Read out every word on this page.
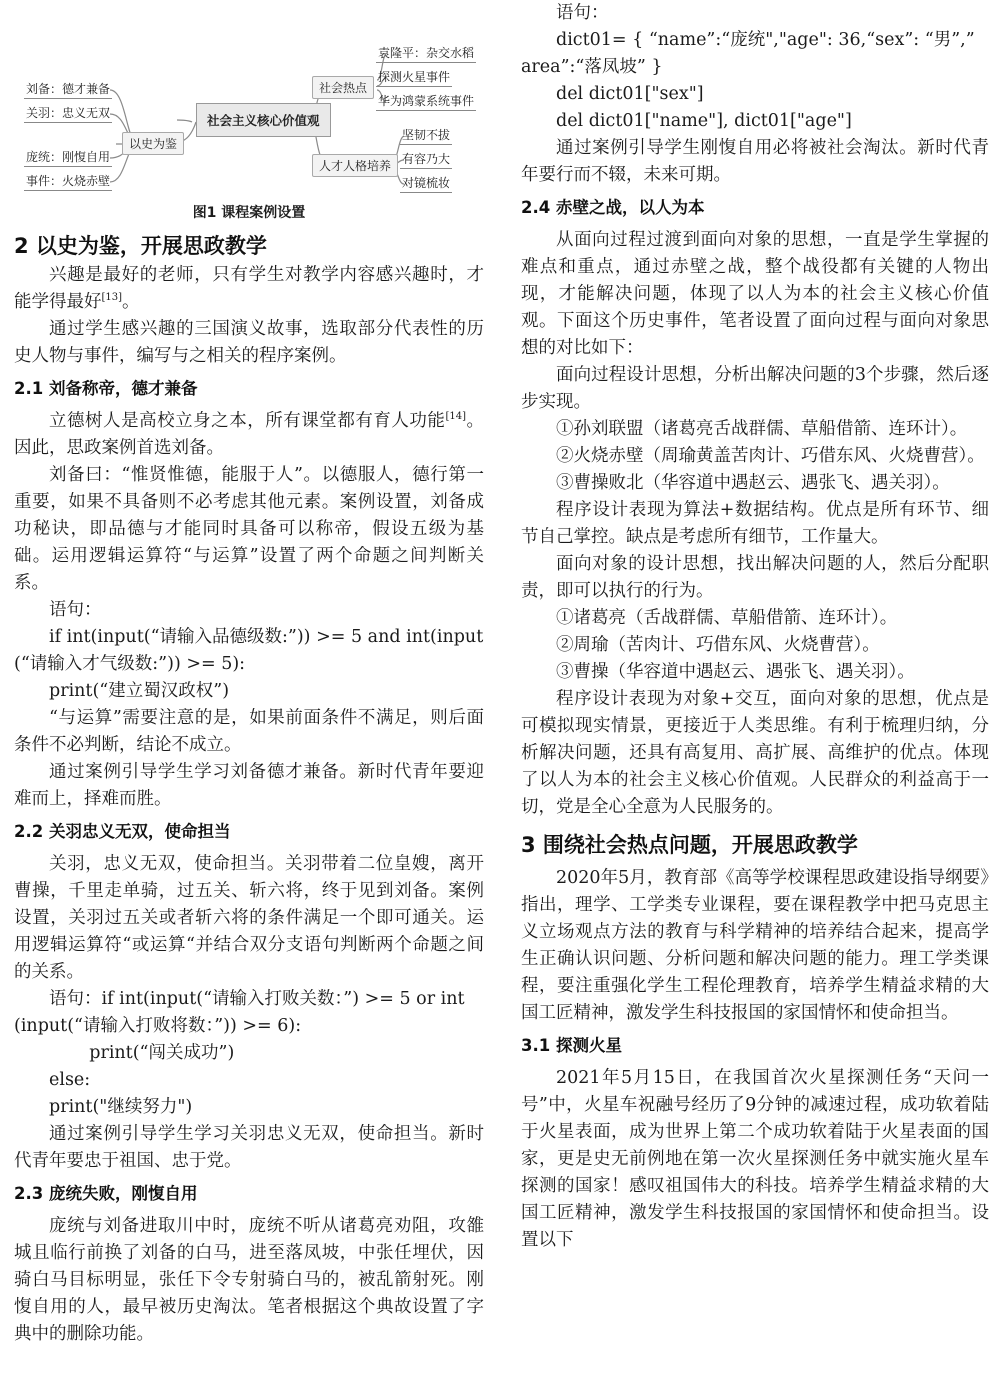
社会主义核心价值观
以史为鉴
刘备：德才兼备
关羽：忠义无双
庞统：刚愎自用
事件：火烧赤壁
社会热点
袁隆平：杂交水稻
探测火星事件
华为鸿蒙系统事件
人才人格培养
坚韧不拔
有容乃大
对镜梳妆
图1 课程案例设置
2 以史为鉴，开展思政教学

兴趣是最好的老师，只有学生对教学内容感兴趣时，才能学得最好[13]。

通过学生感兴趣的三国演义故事，选取部分代表性的历史人物与事件，编写与之相关的程序案例。

2.1 刘备称帝，德才兼备

立德树人是高校立身之本，所有课堂都有育人功能[14]。因此，思政案例首选刘备。

刘备曰：“惟贤惟德，能服于人”。以德服人，德行第一重要，如果不具备则不必考虑其他元素。案例设置，刘备成功秘诀，即品德与才能同时具备可以称帝，假设五级为基础。运用逻辑运算符“与运算”设置了两个命题之间判断关系。

语句：

if int(input(“请输入品德级数:”)) >= 5 and int(input

(“请输入才气级数:”)) >= 5):

print(“建立蜀汉政权”)

“与运算”需要注意的是，如果前面条件不满足，则后面条件不必判断，结论不成立。

通过案例引导学生学习刘备德才兼备。新时代青年要迎难而上，择难而胜。

2.2 关羽忠义无双，使命担当

关羽，忠义无双，使命担当。关羽带着二位皇嫂，离开曹操，千里走单骑，过五关、斩六将，终于见到刘备。案例设置，关羽过五关或者斩六将的条件满足一个即可通关。运用逻辑运算符“或运算“并结合双分支语句判断两个命题之间的关系。

语句：if int(input(“请输入打败关数：”) >= 5 or int

(input(“请输入打败将数：”)) >= 6):

print(“闯关成功”)

else:

print("继续努力")

通过案例引导学生学习关羽忠义无双，使命担当。新时代青年要忠于祖国、忠于党。

2.3 庞统失败，刚愎自用

庞统与刘备进取川中时，庞统不听从诸葛亮劝阻，攻雒城且临行前换了刘备的白马，进至落凤坡，中张任埋伏，因骑白马目标明显，张任下令专射骑白马的，被乱箭射死。刚愎自用的人，最早被历史淘汰。笔者根据这个典故设置了字典中的删除功能。

语句：

dict01= { “name”:“庞统","age": 36,“sex”: “男”,”

area”:“落凤坡” }

del dict01["sex"]

del dict01["name"], dict01["age"]

通过案例引导学生刚愎自用必将被社会淘汰。新时代青年要行而不辍，未来可期。

2.4 赤壁之战，以人为本

从面向过程过渡到面向对象的思想，一直是学生掌握的难点和重点，通过赤壁之战，整个战役都有关键的人物出现，才能解决问题，体现了以人为本的社会主义核心价值观。下面这个历史事件，笔者设置了面向过程与面向对象思想的对比如下：

面向过程设计思想，分析出解决问题的3个步骤，然后逐步实现。

①孙刘联盟（诸葛亮舌战群儒、草船借箭、连环计）。

②火烧赤壁（周瑜黄盖苦肉计、巧借东风、火烧曹营）。

③曹操败北（华容道中遇赵云、遇张飞、遇关羽）。

程序设计表现为算法+数据结构。优点是所有环节、细节自己掌控。缺点是考虑所有细节，工作量大。

面向对象的设计思想，找出解决问题的人，然后分配职责，即可以执行的行为。

①诸葛亮（舌战群儒、草船借箭、连环计）。

②周瑜（苦肉计、巧借东风、火烧曹营）。

③曹操（华容道中遇赵云、遇张飞、遇关羽）。

程序设计表现为对象+交互，面向对象的思想，优点是可模拟现实情景，更接近于人类思维。有利于梳理归纳，分析解决问题，还具有高复用、高扩展、高维护的优点。体现了以人为本的社会主义核心价值观。人民群众的利益高于一切，党是全心全意为人民服务的。

3 围绕社会热点问题，开展思政教学

2020年5月，教育部《高等学校课程思政建设指导纲要》指出，理学、工学类专业课程，要在课程教学中把马克思主义立场观点方法的教育与科学精神的培养结合起来，提高学生正确认识问题、分析问题和解决问题的能力。理工学类课程，要注重强化学生工程伦理教育，培养学生精益求精的大国工匠精神，激发学生科技报国的家国情怀和使命担当。

3.1 探测火星

2021年5月15日，在我国首次火星探测任务“天问一号”中，火星车祝融号经历了9分钟的减速过程，成功软着陆于火星表面，成为世界上第二个成功软着陆于火星表面的国家，更是史无前例地在第一次火星探测任务中就实施火星车探测的国家！感叹祖国伟大的科技。培养学生精益求精的大国工匠精神，激发学生科技报国的家国情怀和使命担当。设置以下
